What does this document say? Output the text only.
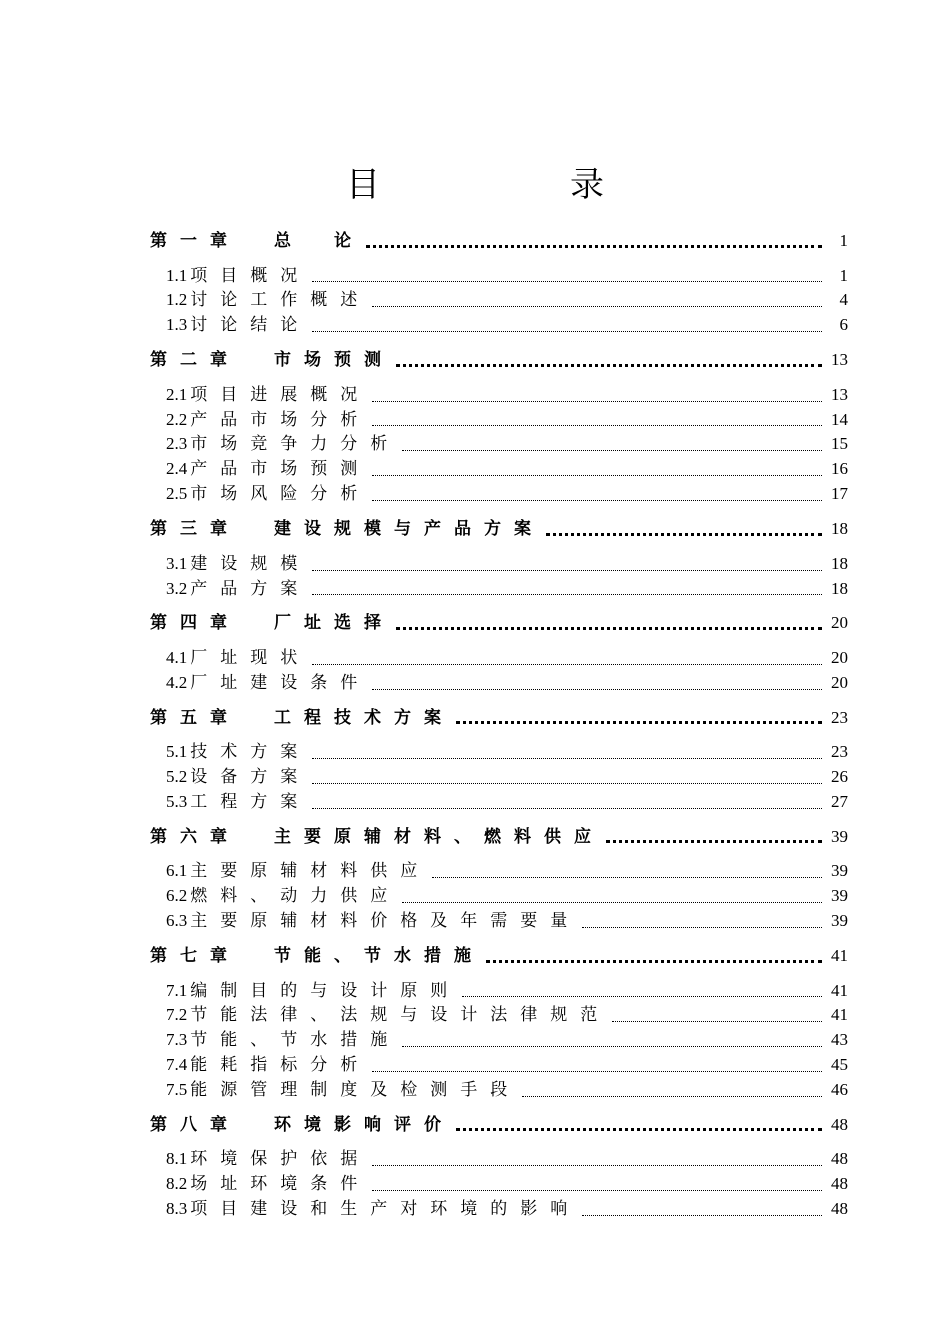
目　录
第一章 总　论	1
1.1 项目概况	1
1.2 讨论工作概述	4
1.3 讨论结论	6
第二章 市场预测	13
2.1 项目进展概况	13
2.2 产品市场分析	14
2.3 市场竞争力分析	15
2.4 产品市场预测	16
2.5 市场风险分析	17
第三章 建设规模与产品方案	18
3.1 建设规模	18
3.2 产品方案	18
第四章 厂址选择	20
4.1 厂址现状	20
4.2 厂址建设条件	20
第五章 工程技术方案	23
5.1 技术方案	23
5.2 设备方案	26
5.3 工程方案	27
第六章 主要原辅材料、燃料供应	39
6.1 主要原辅材料供应	39
6.2 燃料、动力供应	39
6.3 主要原辅材料价格及年需要量	39
第七章 节能、节水措施	41
7.1 编制目的与设计原则	41
7.2 节能法律、法规与设计法律规范	41
7.3 节能、节水措施	43
7.4 能耗指标分析	45
7.5 能源管理制度及检测手段	46
第八章 环境影响评价	48
8.1 环境保护依据	48
8.2 场址环境条件	48
8.3 项目建设和生产对环境的影响	48
